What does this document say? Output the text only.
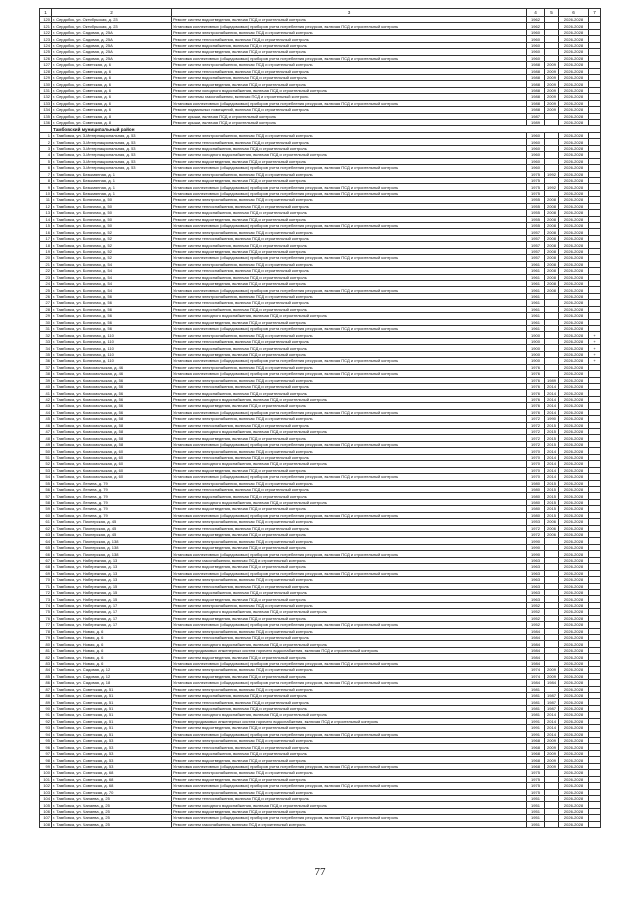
1	2	3	4	5	6	7
120	г. Сердобск, ул. Октябрьская, д. 23	Ремонт систем водоотведения, включая ПСД и строительный контроль	1962		2026-2028	
121	г. Сердобск, ул. Октябрьская, д. 23	Установка коллективных (общедомовых) приборов учета потребления ресурсов, включая ПСД и строительный контроль	1962		2026-2028	
122	г. Сердобск, ул. Садовая, д. 25А	Ремонт систем электроснабжения, включая ПСД и строительный контроль	1960		2026-2028	
123	г. Сердобск, ул. Садовая, д. 25А	Ремонт систем теплоснабжения, включая ПСД и строительный контроль	1960		2026-2028	
124	г. Сердобск, ул. Садовая, д. 25А	Ремонт систем водоснабжения, включая ПСД и строительный контроль	1960		2026-2028	
125	г. Сердобск, ул. Садовая, д. 25А	Ремонт систем водоотведения, включая ПСД и строительный контроль	1960		2026-2028	
126	г. Сердобск, ул. Садовая, д. 25А	Установка коллективных (общедомовых) приборов учета потребления ресурсов, включая ПСД и строительный контроль	1960		2026-2028	
127	г. Сердобск, ул. Советская, д. 6	Ремонт систем электроснабжения, включая ПСД и строительный контроль	1988	2009	2026-2028	
128	г. Сердобск, ул. Советская, д. 6	Ремонт систем теплоснабжения, включая ПСД и строительный контроль	1988	2009	2026-2028	
129	г. Сердобск, ул. Советская, д. 6	Ремонт систем водоснабжения, включая ПСД и строительный контроль	1988	2009	2026-2028	
130	г. Сердобск, ул. Советская, д. 6	Ремонт систем водоотведения, включая ПСД и строительный контроль	1988	2009	2026-2028	
131	г. Сердобск, ул. Советская, д. 6	Ремонт систем холодного водоснабжения, включая ПСД и строительный контроль	1988	2009	2026-2028	
132	г. Сердобск, ул. Советская, д. 6	Ремонт системы газоснабжения, включая ПСД и строительный контроль	1988	2009	2026-2028	
133	г. Сердобск, ул. Советская, д. 6	Установка коллективных (общедомовых) приборов учета потребления ресурсов, включая ПСД и строительный контроль	1988	2009	2026-2028	
134	г. Сердобск, ул. Советская, д. 6	Ремонт подвальных помещений, включая ПСД и строительный контроль	1988	2009	2026-2028	
135	г. Сердобск, ул. Советская, д. 8	Ремонт крыши, включая ПСД и строительный контроль	1987		2026-2028	
136	г. Сердобск, ул. Советская, д. 8	Ремонт крыши, включая ПСД и строительный контроль	1989		2026-2028	
	Тамбовский муниципальный район					
1	г. Тамбовка, ул. 3-Интернациональная, д. 53	Ремонт систем электроснабжения, включая ПСД и строительный контроль	1960		2026-2028	
2	г. Тамбовка, ул. 3-Интернациональная, д. 53	Ремонт систем теплоснабжения, включая ПСД и строительный контроль	1960		2026-2028	
3	г. Тамбовка, ул. 3-Интернациональная, д. 53	Ремонт систем водоснабжения, включая ПСД и строительный контроль	1960		2026-2028	
4	г. Тамбовка, ул. 3-Интернациональная, д. 53	Ремонт систем холодного водоснабжения, включая ПСД и строительный контроль	1960		2026-2028	
5	г. Тамбовка, ул. 3-Интернациональная, д. 53	Ремонт систем водоотведения, включая ПСД и строительный контроль	1960		2026-2028	
6	г. Тамбовка, ул. 3-Интернациональная, д. 53	Установка коллективных (общедомовых) приборов учета потребления ресурсов, включая ПСД и строительный контроль	1960		2026-2028	
7	г. Тамбовка, ул. Безымянная, д. 1	Ремонт систем электроснабжения, включая ПСД и строительный контроль	1975	1992	2026-2028	
8	г. Тамбовка, ул. Безымянная, д. 1	Ремонт систем водоотведения, включая ПСД и строительный контроль	1975		2026-2028	
9	г. Тамбовка, ул. Безымянная, д. 1	Установка коллективных (общедомовых) приборов учета потребления ресурсов, включая ПСД и строительный контроль	1975	1992	2026-2028	
10	г. Тамбовка, ул. Безымянная, д. 1	Установка коллективных (общедомовых) приборов учета потребления ресурсов, включая ПСД и строительный контроль	1975		2026-2028	
11	г. Тамбовка, ул. Бонячная, д. 50	Ремонт систем электроснабжения, включая ПСД и строительный контроль	1955	2008	2026-2028	
12	г. Тамбовка, ул. Бонячная, д. 50	Ремонт систем теплоснабжения, включая ПСД и строительный контроль	1955	2008	2026-2028	
13	г. Тамбовка, ул. Бонячная, д. 50	Ремонт систем водоснабжения, включая ПСД и строительный контроль	1955	2008	2026-2028	
14	г. Тамбовка, ул. Бонячная, д. 50	Ремонт систем водоотведения, включая ПСД и строительный контроль	1955	2008	2026-2028	
15	г. Тамбовка, ул. Бонячная, д. 50	Установка коллективных (общедомовых) приборов учета потребления ресурсов, включая ПСД и строительный контроль	1955	2008	2026-2028	
16	г. Тамбовка, ул. Бонячная, д. 52	Ремонт систем электроснабжения, включая ПСД и строительный контроль	1957	2008	2026-2028	
17	г. Тамбовка, ул. Бонячная, д. 52	Ремонт систем теплоснабжения, включая ПСД и строительный контроль	1957	2008	2026-2028	
18	г. Тамбовка, ул. Бонячная, д. 52	Ремонт систем водоснабжения, включая ПСД и строительный контроль	1957	2008	2026-2028	
19	г. Тамбовка, ул. Бонячная, д. 52	Ремонт систем водоотведения, включая ПСД и строительный контроль	1957	2008	2026-2028	
20	г. Тамбовка, ул. Бонячная, д. 52	Установка коллективных (общедомовых) приборов учета потребления ресурсов, включая ПСД и строительный контроль	1957	2008	2026-2028	
21	г. Тамбовка, ул. Бонячная, д. 54	Ремонт систем электроснабжения, включая ПСД и строительный контроль	1961	2008	2026-2028	
22	г. Тамбовка, ул. Бонячная, д. 54	Ремонт систем теплоснабжения, включая ПСД и строительный контроль	1961	2008	2026-2028	
23	г. Тамбовка, ул. Бонячная, д. 54	Ремонт систем водоснабжения, включая ПСД и строительный контроль	1961	2008	2026-2028	
24	г. Тамбовка, ул. Бонячная, д. 54	Ремонт систем водоотведения, включая ПСД и строительный контроль	1961	2008	2026-2028	
25	г. Тамбовка, ул. Бонячная, д. 54	Установка коллективных (общедомовых) приборов учета потребления ресурсов, включая ПСД и строительный контроль	1961	2008	2026-2028	
26	г. Тамбовка, ул. Бонячная, д. 56	Ремонт систем электроснабжения, включая ПСД и строительный контроль	1961		2026-2028	
27	г. Тамбовка, ул. Бонячная, д. 56	Ремонт систем теплоснабжения, включая ПСД и строительный контроль	1961		2026-2028	
28	г. Тамбовка, ул. Бонячная, д. 56	Ремонт систем водоснабжения, включая ПСД и строительный контроль	1961		2026-2028	
29	г. Тамбовка, ул. Бонячная, д. 56	Ремонт систем холодного водоснабжения, включая ПСД и строительный контроль	1961		2026-2028	
30	г. Тамбовка, ул. Бонячная, д. 56	Ремонт систем водоотведения, включая ПСД и строительный контроль	1961		2026-2028	
31	г. Тамбовка, ул. Бонячная, д. 56	Установка коллективных (общедомовых) приборов учета потребления ресурсов, включая ПСД и строительный контроль	1961		2026-2028	
32	г. Тамбовка, ул. Бонячная, д. 110	Ремонт систем электроснабжения, включая ПСД и строительный контроль	1900		2026-2028	+
33	г. Тамбовка, ул. Бонячная, д. 110	Ремонт систем теплоснабжения, включая ПСД и строительный контроль	1900		2026-2028	+
34	г. Тамбовка, ул. Бонячная, д. 110	Ремонт систем водоснабжения, включая ПСД и строительный контроль	1900		2026-2028	+
35	г. Тамбовка, ул. Бонячная, д. 110	Ремонт систем водоотведения, включая ПСД и строительный контроль	1900		2026-2028	+
36	г. Тамбовка, ул. Бонячная, д. 110	Установка коллективных (общедомовых) приборов учета потребления ресурсов, включая ПСД и строительный контроль	1900		2026-2028	+
37	г. Тамбовка, ул. Комсомольская, д. 46	Ремонт систем электроснабжения, включая ПСД и строительный контроль	1976		2026-2028	
38	г. Тамбовка, ул. Комсомольская, д. 46	Установка коллективных (общедомовых) приборов учета потребления ресурсов, включая ПСД и строительный контроль	1976		2026-2028	
39	г. Тамбовка, ул. Комсомольская, д. 56	Ремонт систем электроснабжения, включая ПСД и строительный контроль	1976	1989	2026-2028	
40	г. Тамбовка, ул. Комсомольская, д. 56	Ремонт систем теплоснабжения, включая ПСД и строительный контроль	1976	2014	2026-2028	
41	г. Тамбовка, ул. Комсомольская, д. 56	Ремонт систем водоснабжения, включая ПСД и строительный контроль	1976	2014	2026-2028	
42	г. Тамбовка, ул. Комсомольская, д. 56	Ремонт систем холодного водоснабжения, включая ПСД и строительный контроль	1976	2014	2026-2028	
43	г. Тамбовка, ул. Комсомольская, д. 56	Ремонт систем водоотведения, включая ПСД и строительный контроль	1976	2014	2026-2028	
44	г. Тамбовка, ул. Комсомольская, д. 56	Установка коллективных (общедомовых) приборов учета потребления ресурсов, включая ПСД и строительный контроль	1976	2014	2026-2028	
45	г. Тамбовка, ул. Комсомольская, д. 58	Ремонт систем электроснабжения, включая ПСД и строительный контроль	1972	1990	2026-2028	
46	г. Тамбовка, ул. Комсомольская, д. 58	Ремонт систем теплоснабжения, включая ПСД и строительный контроль	1972	2015	2026-2028	
47	г. Тамбовка, ул. Комсомольская, д. 58	Ремонт систем холодного водоснабжения, включая ПСД и строительный контроль	1972	2015	2026-2028	
48	г. Тамбовка, ул. Комсомольская, д. 58	Ремонт систем водоотведения, включая ПСД и строительный контроль	1972	2015	2026-2028	
49	г. Тамбовка, ул. Комсомольская, д. 58	Установка коллективных (общедомовых) приборов учета потребления ресурсов, включая ПСД и строительный контроль	1972	2015	2026-2028	
50	г. Тамбовка, ул. Комсомольская, д. 60	Ремонт систем электроснабжения, включая ПСД и строительный контроль	1970	2014	2026-2028	
51	г. Тамбовка, ул. Комсомольская, д. 60	Ремонт систем теплоснабжения, включая ПСД и строительный контроль	1970	2014	2026-2028	
52	г. Тамбовка, ул. Комсомольская, д. 60	Ремонт систем холодного водоснабжения, включая ПСД и строительный контроль	1970	2014	2026-2028	
53	г. Тамбовка, ул. Комсомольская, д. 60	Ремонт систем водоотведения, включая ПСД и строительный контроль	1970	2014	2026-2028	
54	г. Тамбовка, ул. Комсомольская, д. 60	Установка коллективных (общедомовых) приборов учета потребления ресурсов, включая ПСД и строительный контроль	1970	2014	2026-2028	
55	г. Тамбовка, ул. Ленина, д. 79	Ремонт систем электроснабжения, включая ПСД и строительный контроль	1980	2015	2026-2028	
56	г. Тамбовка, ул. Ленина, д. 79	Ремонт систем теплоснабжения, включая ПСД и строительный контроль	1980	2015	2026-2028	
57	г. Тамбовка, ул. Ленина, д. 79	Ремонт систем водоснабжения, включая ПСД и строительный контроль	1980	2015	2026-2028	
58	г. Тамбовка, ул. Ленина, д. 79	Ремонт систем холодного водоснабжения, включая ПСД и строительный контроль	1980	2015	2026-2028	
59	г. Тамбовка, ул. Ленина, д. 79	Ремонт систем водоотведения, включая ПСД и строительный контроль	1980	2015	2026-2028	
60	г. Тамбовка, ул. Ленина, д. 79	Установка коллективных (общедомовых) приборов учета потребления ресурсов, включая ПСД и строительный контроль	1980	2015	2026-2028	
61	г. Тамбовка, ул. Пионерская, д. 45	Ремонт систем электроснабжения, включая ПСД и строительный контроль	1953	2006	2026-2028	
62	г. Тамбовка, ул. Пионерская, д. 45	Ремонт систем теплоснабжения, включая ПСД и строительный контроль	1972	2006	2026-2028	
63	г. Тамбовка, ул. Пионерская, д. 45	Ремонт систем водоотведения, включая ПСД и строительный контроль	1972	2006	2026-2028	
64	г. Тамбовка, ул. Пионерская, д. 138	Ремонт систем электроснабжения, включая ПСД и строительный контроль	1990		2026-2028	
65	г. Тамбовка, ул. Пионерская, д. 138	Ремонт систем водоотведения, включая ПСД и строительный контроль	1990		2026-2028	
66	г. Тамбовка, ул. Пионерская, д. 138	Установка коллективных (общедомовых) приборов учета потребления ресурсов, включая ПСД и строительный контроль	1990		2026-2028	
67	г. Тамбовка, ул. Набережная, д. 13	Ремонт систем газоснабжения, включая ПСД и строительный контроль	1963		2026-2028	
68	г. Тамбовка, ул. Набережная, д. 13	Ремонт систем водоотведения, включая ПСД и строительный контроль	1963		2026-2028	
69	г. Тамбовка, ул. Набережная, д. 13	Установка коллективных (общедомовых) приборов учета потребления ресурсов, включая ПСД и строительный контроль	1963		2026-2028	
70	г. Тамбовка, ул. Набережная, д. 13	Ремонт систем электроснабжения, включая ПСД и строительный контроль	1963		2026-2028	
71	г. Тамбовка, ул. Набережная, д. 15	Ремонт систем теплоснабжения, включая ПСД и строительный контроль	1963		2026-2028	
72	г. Тамбовка, ул. Набережная, д. 15	Ремонт систем водоснабжения, включая ПСД и строительный контроль	1963		2026-2028	
73	г. Тамбовка, ул. Набережная, д. 15	Ремонт систем водоотведения, включая ПСД и строительный контроль	1963		2026-2028	
74	г. Тамбовка, ул. Набережная, д. 17	Ремонт систем электроснабжения, включая ПСД и строительный контроль	1952		2026-2028	
75	г. Тамбовка, ул. Набережная, д. 17	Ремонт систем холодного водоснабжения, включая ПСД и строительный контроль	1952		2026-2028	
76	г. Тамбовка, ул. Набережная, д. 17	Ремонт систем водоотведения, включая ПСД и строительный контроль	1952		2026-2028	
77	г. Тамбовка, ул. Набережная, д. 17	Установка коллективных (общедомовых) приборов учета потребления ресурсов, включая ПСД и строительный контроль	1952		2026-2028	
78	г. Тамбовка, ул. Новая, д. 6	Ремонт систем электроснабжения, включая ПСД и строительный контроль	1984		2026-2028	
79	г. Тамбовка, ул. Новая, д. 6	Ремонт систем теплоснабжения, включая ПСД и строительный контроль	1984		2026-2028	
80	г. Тамбовка, ул. Новая, д. 6	Ремонт систем холодного водоснабжения, включая ПСД и строительный контроль	1984		2026-2028	
81	г. Тамбовка, ул. Новая, д. 6	Ремонт внутридомовых инженерных систем горячего водоснабжения, включая ПСД и строительный контроль	1984		2026-2028	
82	г. Тамбовка, ул. Новая, д. 6	Ремонт систем водоотведения, включая ПСД и строительный контроль	1984		2026-2028	
83	г. Тамбовка, ул. Новая, д. 6	Установка коллективных (общедомовых) приборов учета потребления ресурсов, включая ПСД и строительный контроль	1984		2026-2028	
84	г. Тамбовка, ул. Садовая, д. 12	Ремонт систем электроснабжения, включая ПСД и строительный контроль	1974	2009	2026-2028	
85	г. Тамбовка, ул. Садовая, д. 12	Ремонт систем водоотведения, включая ПСД и строительный контроль	1974	2009	2026-2028	
86	г. Тамбовка, ул. Садовая, д. 18	Установка коллективных (общедомовых) приборов учета потребления ресурсов, включая ПСД и строительный контроль	1984	1984	2026-2028	
87	г. Тамбовка, ул. Советская, д. 51	Ремонт систем электроснабжения, включая ПСД и строительный контроль	1981		2026-2028	
88	г. Тамбовка, ул. Советская, д. 51	Ремонт систем водоснабжения, включая ПСД и строительный контроль	1981	1987	2026-2028	
89	г. Тамбовка, ул. Советская, д. 51	Ремонт систем теплоснабжения, включая ПСД и строительный контроль	1981	1987	2026-2028	
90	г. Тамбовка, ул. Советская, д. 51	Ремонт систем водоснабжения, включая ПСД и строительный контроль	1981	1987	2026-2028	
91	г. Тамбовка, ул. Советская, д. 51	Ремонт систем холодного водоснабжения, включая ПСД и строительный контроль	1981	2014	2026-2028	
92	г. Тамбовка, ул. Советская, д. 51	Ремонт внутридомовых инженерных систем горячего водоснабжения, включая ПСД и строительный контроль	1991	2014	2026-2028	
93	г. Тамбовка, ул. Советская, д. 51	Ремонт систем водоотведения, включая ПСД и строительный контроль	1991	2014	2026-2028	
94	г. Тамбовка, ул. Советская, д. 51	Установка коллективных (общедомовых) приборов учета потребления ресурсов, включая ПСД и строительный контроль	1991	2014	2026-2028	
95	г. Тамбовка, ул. Советская, д. 53	Ремонт систем электроснабжения, включая ПСД и строительный контроль	1968	2009	2026-2028	
96	г. Тамбовка, ул. Советская, д. 53	Ремонт систем теплоснабжения, включая ПСД и строительный контроль	1968	2009	2026-2028	
97	г. Тамбовка, ул. Советская, д. 53	Ремонт систем водоснабжения, включая ПСД и строительный контроль	1968	2009	2026-2028	
98	г. Тамбовка, ул. Советская, д. 53	Ремонт систем водоотведения, включая ПСД и строительный контроль	1968	2009	2026-2028	
99	г. Тамбовка, ул. Советская, д. 53	Установка коллективных (общедомовых) приборов учета потребления ресурсов, включая ПСД и строительный контроль	1968	2009	2026-2028	
100	г. Тамбовка, ул. Советская, д. 68	Ремонт систем электроснабжения, включая ПСД и строительный контроль	1975		2026-2028	
101	г. Тамбовка, ул. Советская, д. 68	Ремонт систем водоотведения, включая ПСД и строительный контроль	1975		2026-2028	
102	г. Тамбовка, ул. Советская, д. 68	Установка коллективных (общедомовых) приборов учета потребления ресурсов, включая ПСД и строительный контроль	1975		2026-2028	
103	г. Тамбовка, ул. Советская, д. 70	Ремонт систем электроснабжения, включая ПСД и строительный контроль	1975		2026-2028	
104	г. Тамбовка, ул. Чапаева, д. 25	Ремонт систем теплоснабжения, включая ПСД и строительный контроль	1951		2026-2028	
105	г. Тамбовка, ул. Чапаева, д. 25	Ремонт систем холодного водоснабжения, включая ПСД и строительный контроль	1951		2026-2028	
106	г. Тамбовка, ул. Чапаева, д. 25	Ремонт систем водоотведения, включая ПСД и строительный контроль	1951		2026-2028	
107	г. Тамбовка, ул. Чапаева, д. 25	Установка коллективных (общедомовых) приборов учета потребления ресурсов, включая ПСД и строительный контроль	1951		2026-2028	
108	г. Тамбовка, ул. Чапаева, д. 25	Ремонт систем газоснабжения, включая ПСД и строительный контроль	1951		2026-2028	
77
